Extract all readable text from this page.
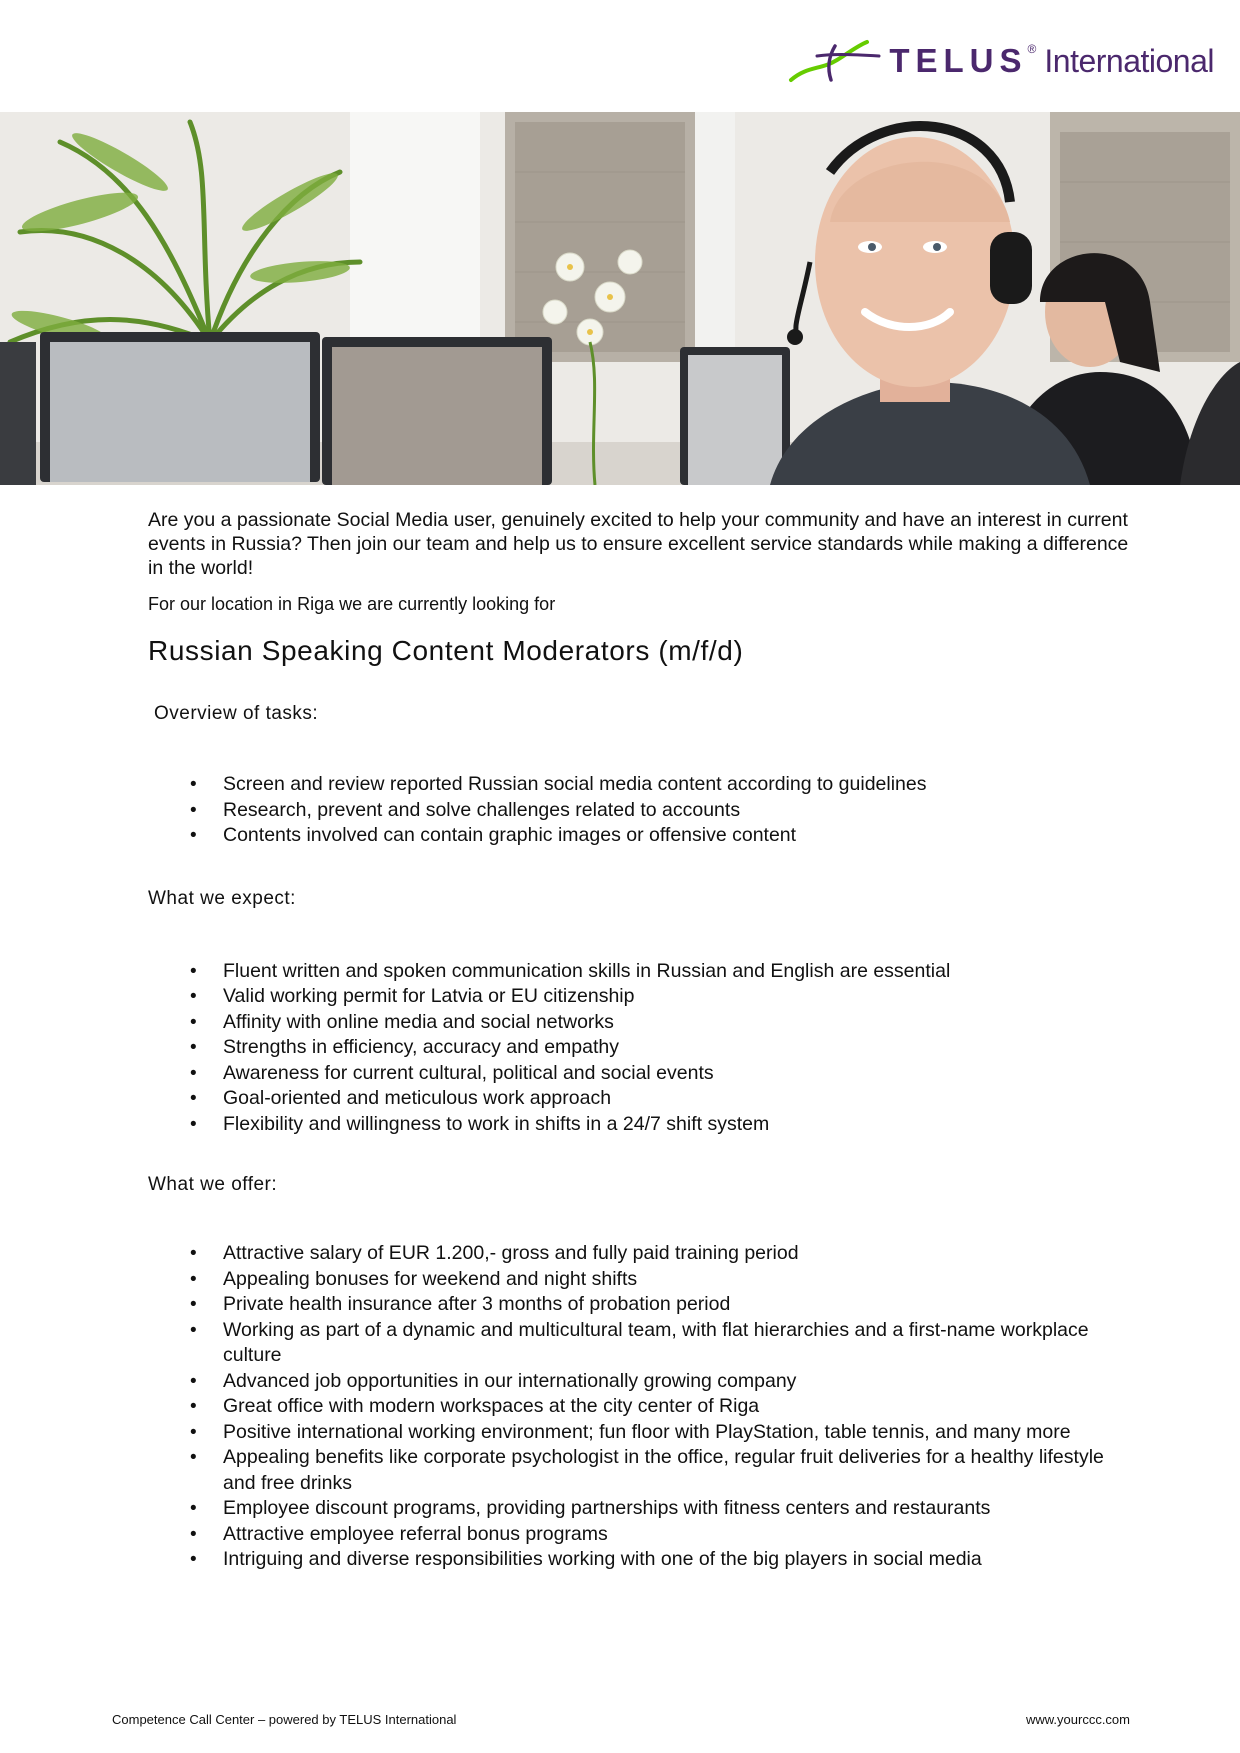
TELUS ® International

Are you a passionate Social Media user, genuinely excited to help your community and have an interest in current events in Russia? Then join our team and help us to ensure excellent service standards while making a difference in the world!

For our location in Riga we are currently looking for

Russian Speaking Content Moderators (m/f/d)
Overview of tasks:
• Screen and review reported Russian social media content according to guidelines
• Research, prevent and solve challenges related to accounts
• Contents involved can contain graphic images or offensive content
What we expect:
• Fluent written and spoken communication skills in Russian and English are essential
• Valid working permit for Latvia or EU citizenship
• Affinity with online media and social networks
• Strengths in efficiency, accuracy and empathy
• Awareness for current cultural, political and social events
• Goal-oriented and meticulous work approach
• Flexibility and willingness to work in shifts in a 24/7 shift system
What we offer:
• Attractive salary of EUR 1.200,- gross and fully paid training period
• Appealing bonuses for weekend and night shifts
• Private health insurance after 3 months of probation period
• Working as part of a dynamic and multicultural team, with flat hierarchies and a first-name workplace culture
• Advanced job opportunities in our internationally growing company
• Great office with modern workspaces at the city center of Riga
• Positive international working environment; fun floor with PlayStation, table tennis, and many more
• Appealing benefits like corporate psychologist in the office, regular fruit deliveries for a healthy lifestyle and free drinks
• Employee discount programs, providing partnerships with fitness centers and restaurants
• Attractive employee referral bonus programs
• Intriguing and diverse responsibilities working with one of the big players in social media
Competence Call Center – powered by TELUS International	www.yourccc.com
